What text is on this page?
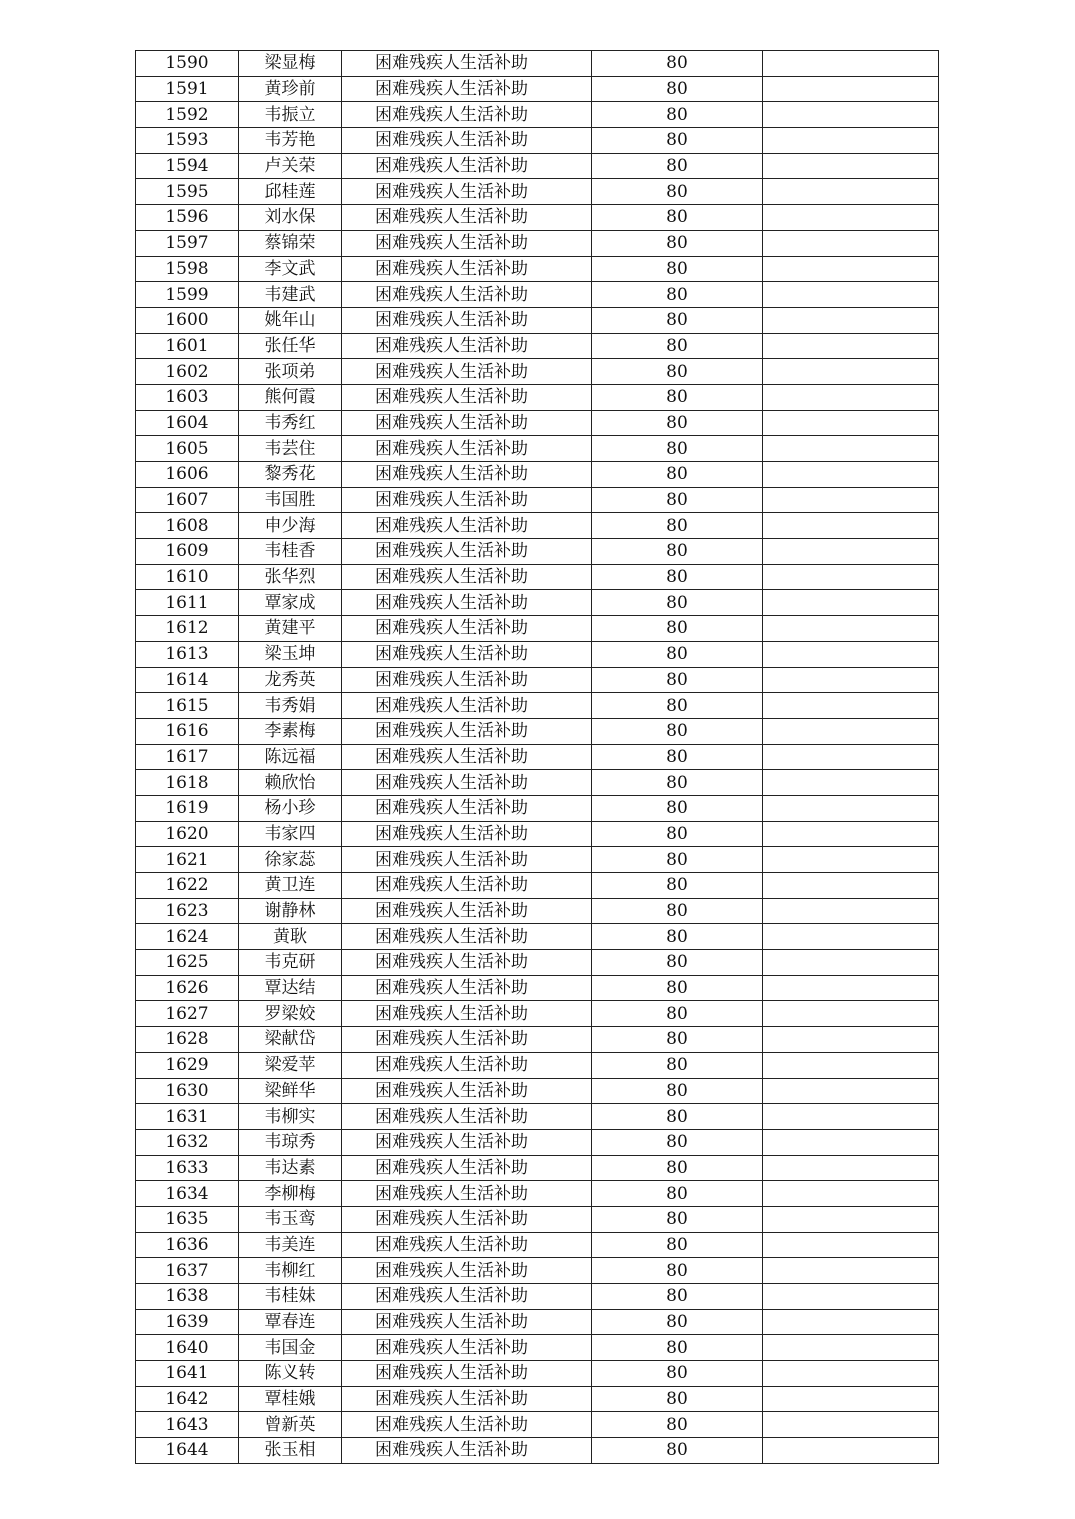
1590	梁显梅	困难残疾人生活补助	80	
1591	黄珍前	困难残疾人生活补助	80	
1592	韦振立	困难残疾人生活补助	80	
1593	韦芳艳	困难残疾人生活补助	80	
1594	卢关荣	困难残疾人生活补助	80	
1595	邱桂莲	困难残疾人生活补助	80	
1596	刘水保	困难残疾人生活补助	80	
1597	蔡锦荣	困难残疾人生活补助	80	
1598	李文武	困难残疾人生活补助	80	
1599	韦建武	困难残疾人生活补助	80	
1600	姚年山	困难残疾人生活补助	80	
1601	张任华	困难残疾人生活补助	80	
1602	张项弟	困难残疾人生活补助	80	
1603	熊何霞	困难残疾人生活补助	80	
1604	韦秀红	困难残疾人生活补助	80	
1605	韦芸住	困难残疾人生活补助	80	
1606	黎秀花	困难残疾人生活补助	80	
1607	韦国胜	困难残疾人生活补助	80	
1608	申少海	困难残疾人生活补助	80	
1609	韦桂香	困难残疾人生活补助	80	
1610	张华烈	困难残疾人生活补助	80	
1611	覃家成	困难残疾人生活补助	80	
1612	黄建平	困难残疾人生活补助	80	
1613	梁玉坤	困难残疾人生活补助	80	
1614	龙秀英	困难残疾人生活补助	80	
1615	韦秀娟	困难残疾人生活补助	80	
1616	李素梅	困难残疾人生活补助	80	
1617	陈远福	困难残疾人生活补助	80	
1618	赖欣怡	困难残疾人生活补助	80	
1619	杨小珍	困难残疾人生活补助	80	
1620	韦家四	困难残疾人生活补助	80	
1621	徐家蕊	困难残疾人生活补助	80	
1622	黄卫连	困难残疾人生活补助	80	
1623	谢静林	困难残疾人生活补助	80	
1624	黄耿	困难残疾人生活补助	80	
1625	韦克研	困难残疾人生活补助	80	
1626	覃达结	困难残疾人生活补助	80	
1627	罗梁姣	困难残疾人生活补助	80	
1628	梁献岱	困难残疾人生活补助	80	
1629	梁爱苹	困难残疾人生活补助	80	
1630	梁鲜华	困难残疾人生活补助	80	
1631	韦柳实	困难残疾人生活补助	80	
1632	韦琼秀	困难残疾人生活补助	80	
1633	韦达素	困难残疾人生活补助	80	
1634	李柳梅	困难残疾人生活补助	80	
1635	韦玉鸾	困难残疾人生活补助	80	
1636	韦美连	困难残疾人生活补助	80	
1637	韦柳红	困难残疾人生活补助	80	
1638	韦桂妹	困难残疾人生活补助	80	
1639	覃春连	困难残疾人生活补助	80	
1640	韦国金	困难残疾人生活补助	80	
1641	陈义转	困难残疾人生活补助	80	
1642	覃桂娥	困难残疾人生活补助	80	
1643	曾新英	困难残疾人生活补助	80	
1644	张玉相	困难残疾人生活补助	80	
